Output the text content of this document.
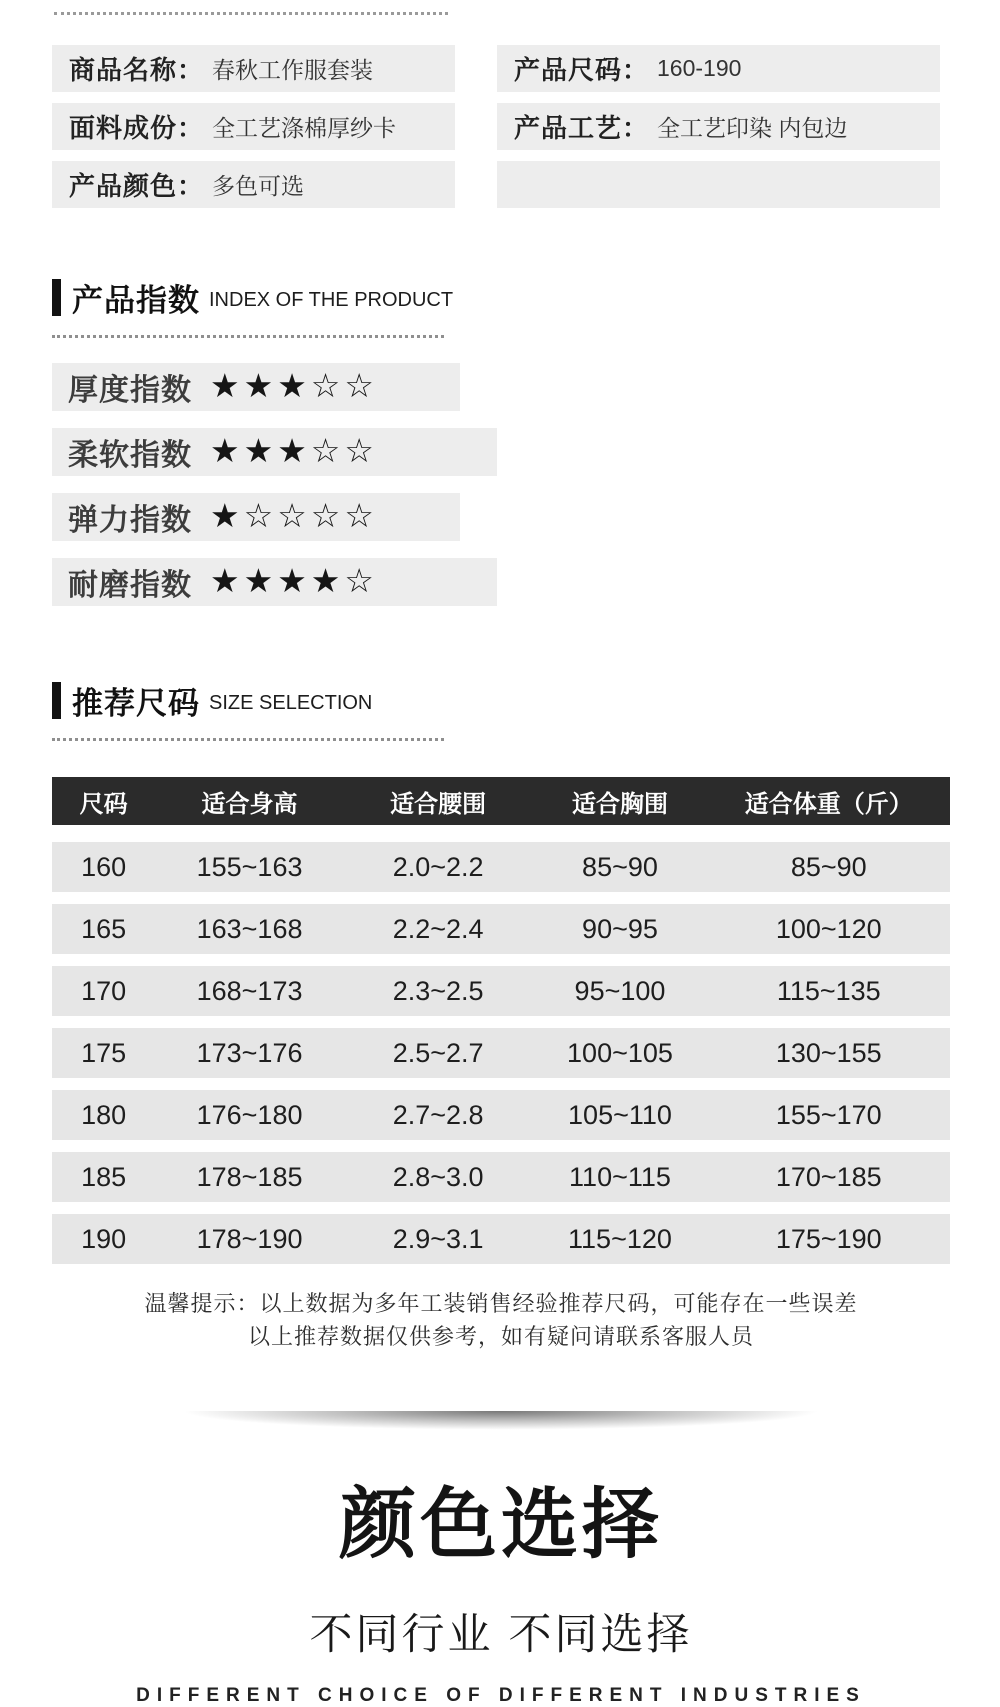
商品名称： 春秋工作服套装
面料成份： 全工艺涤棉厚纱卡
产品颜色： 多色可选
产品尺码： 160-190
产品工艺： 全工艺印染 内包边
产品指数 INDEX OF THE PRODUCT
厚度指数 ★★★☆☆
柔软指数 ★★★☆☆
弹力指数 ★☆☆☆☆
耐磨指数 ★★★★☆
推荐尺码 SIZE SELECTION
尺码	适合身高	适合腰围	适合胸围	适合体重（斤）
160	155~163	2.0~2.2	85~90	85~90
165	163~168	2.2~2.4	90~95	100~120
170	168~173	2.3~2.5	95~100	115~135
175	173~176	2.5~2.7	100~105	130~155
180	176~180	2.7~2.8	105~110	155~170
185	178~185	2.8~3.0	110~115	170~185
190	178~190	2.9~3.1	115~120	175~190
温馨提示：以上数据为多年工装销售经验推荐尺码，可能存在一些误差
以上推荐数据仅供参考，如有疑问请联系客服人员
颜色选择
不同行业 不同选择
DIFFERENT CHOICE OF DIFFERENT INDUSTRIES
